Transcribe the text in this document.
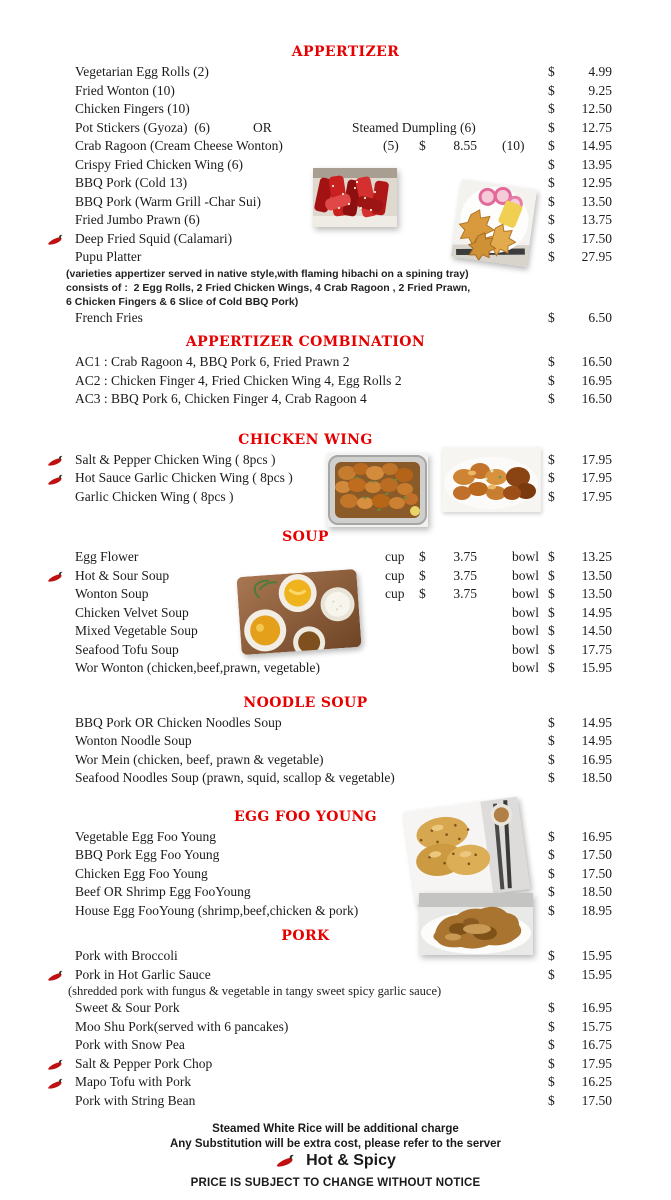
APPERTIZER
Vegetarian Egg Rolls (2)	$	4.99
Fried Wonton (10)	$	9.25
Chicken Fingers (10)	$	12.50
Pot Stickers (Gyoza)  (6)	OR	Steamed Dumpling (6)	$	12.75
Crab Ragoon (Cream Cheese Wonton)	(5) $	8.55 (10) $	14.95
Crispy Fried Chicken Wing (6)	$	13.95
BBQ Pork (Cold 13)	$	12.95
BBQ Pork (Warm Grill -Char Sui)	$	13.50
Fried Jumbo Prawn (6)	$	13.75
Deep Fried Squid (Calamari)	$	17.50
Pupu Platter	$	27.95
(varieties appertizer served in native style,with flaming hibachi on a spining tray)
consists of :  2 Egg Rolls, 2 Fried Chicken Wings, 4 Crab Ragoon , 2 Fried Prawn,
6 Chicken Fingers & 6 Slice of Cold BBQ Pork)
French Fries	$	6.50
APPERTIZER COMBINATION
AC1 : Crab Ragoon 4, BBQ Pork 6, Fried Prawn 2	$	16.50
AC2 : Chicken Finger 4, Fried Chicken Wing 4, Egg Rolls 2	$	16.95
AC3 : BBQ Pork 6, Chicken Finger 4, Crab Ragoon 4	$	16.50
CHICKEN WING
Salt & Pepper Chicken Wing ( 8pcs )	$	17.95
Hot Sauce Garlic Chicken Wing ( 8pcs )	$	17.95
Garlic Chicken Wing ( 8pcs )	$	17.95
SOUP
Egg Flower	cup $	3.75	bowl $	13.25
Hot & Sour Soup	cup $	3.75	bowl $	13.50
Wonton Soup	cup $	3.75	bowl $	13.50
Chicken Velvet Soup	bowl $	14.95
Mixed Vegetable Soup	bowl $	14.50
Seafood Tofu Soup	bowl $	17.75
Wor Wonton (chicken,beef,prawn, vegetable)	bowl $	15.95
NOODLE SOUP
BBQ Pork OR Chicken Noodles Soup	$	14.95
Wonton Noodle Soup	$	14.95
Wor Mein (chicken, beef, prawn & vegetable)	$	16.95
Seafood Noodles Soup (prawn, squid, scallop & vegetable)	$	18.50
EGG FOO YOUNG
Vegetable Egg Foo Young	$	16.95
BBQ Pork Egg Foo Young	$	17.50
Chicken Egg Foo Young	$	17.50
Beef OR Shrimp Egg FooYoung	$	18.50
House Egg FooYoung (shrimp,beef,chicken & pork)	$	18.95
PORK
Pork with Broccoli	$	15.95
Pork in Hot Garlic Sauce	$	15.95
(shredded pork with fungus & vegetable in tangy sweet spicy garlic sauce)
Sweet & Sour Pork	$	16.95
Moo Shu Pork(served with 6 pancakes)	$	15.75
Pork with Snow Pea	$	16.75
Salt & Pepper Pork Chop	$	17.95
Mapo Tofu with Pork	$	16.25
Pork with String Bean	$	17.50
Steamed White Rice will be additional charge
Any Substitution will be extra cost, please refer to the server
Hot & Spicy
PRICE IS SUBJECT TO CHANGE WITHOUT NOTICE
